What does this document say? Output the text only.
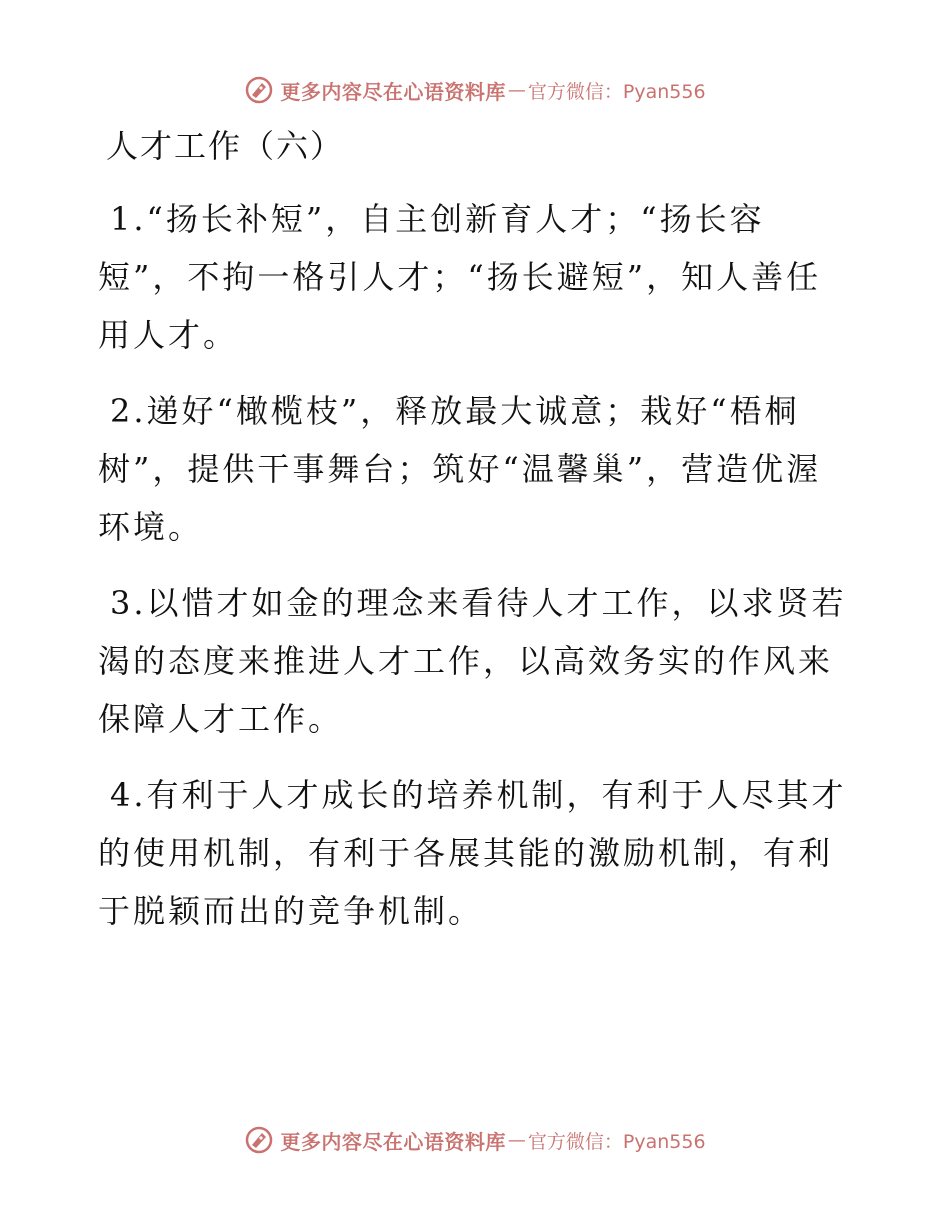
更多内容尽在心语资料库 — 官方微信：Pyan556
人才工作（六）

1.“扬长补短”，自主创新育人才；“扬长容短”，不拘一格引人才；“扬长避短”，知人善任用人才。

2.递好“橄榄枝”，释放最大诚意；栽好“梧桐树”，提供干事舞台；筑好“温馨巢”，营造优渥环境。

3.以惜才如金的理念来看待人才工作，以求贤若渴的态度来推进人才工作，以高效务实的作风来保障人才工作。

4.有利于人才成长的培养机制，有利于人尽其才的使用机制，有利于各展其能的激励机制，有利于脱颖而出的竞争机制。

更多内容尽在心语资料库 — 官方微信：Pyan556
